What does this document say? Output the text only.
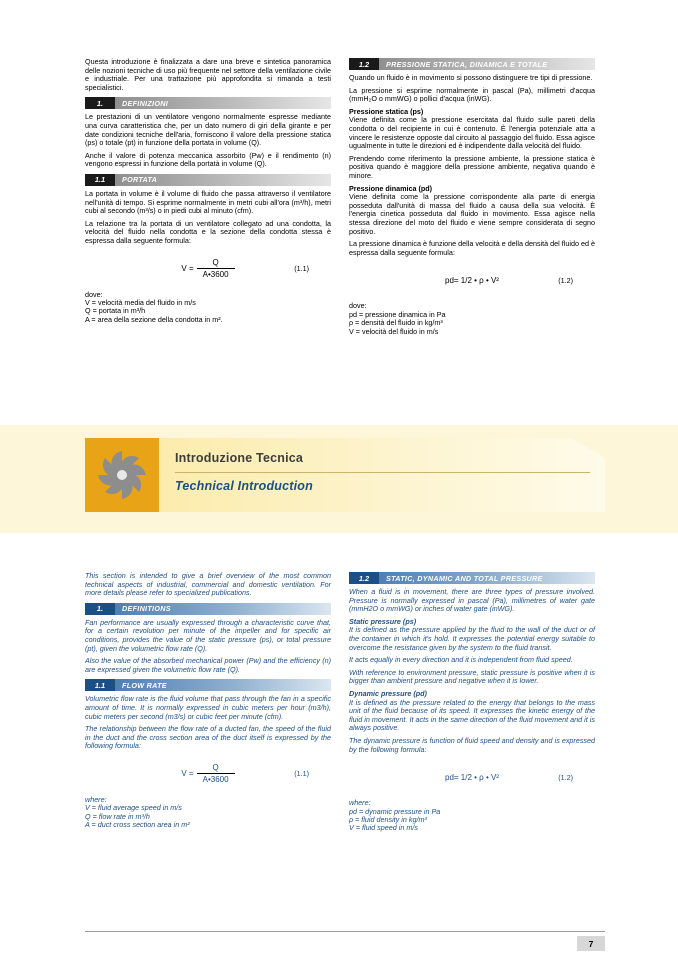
Questa introduzione è finalizzata a dare una breve e sintetica panoramica delle nozioni tecniche di uso più frequente nel settore della ventilazione civile e industriale. Per una trattazione più approfondita si rimanda a testi specialistici.

1.	DEFINIZIONI

Le prestazioni di un ventilatore vengono normalmente espresse mediante una curva caratteristica che, per un dato numero di giri della girante e per date condizioni tecniche dell'aria, forniscono il valore della pressione statica (ps) o totale (pt) in funzione della portata in volume (Q).

Anche il valore di potenza meccanica assorbito (Pw) e il rendimento (n) vengono espressi in funzione della portatà in volume (Q).

1.1	PORTATA

La portata in volume è il volume di fluido che passa attraverso il ventilatore nell'unità di tempo. Si esprime normalmente in metri cubi all'ora (m³/h), metri cubi al secondo (m³/s) o in piedi cubi al minuto (cfm).

La relazione tra la portata di un ventilatore collegato ad una condotta, la velocità del fluido nella condotta e la sezione della condotta stessa è espressa dalla seguente formula:

$V = \frac{Q}{A•3600}$	(1.1)
dove:
V = velocità media del fluido in m/s
Q = portata in m³/h
A = area della sezione della condotta in m².
1.2	PRESSIONE STATICA, DINAMICA E TOTALE

Quando un fluido è in movimento si possono distinguere tre tipi di pressione.

La pressione si esprime normalmente in pascal (Pa), millimetri d'acqua (mmH₂O o mmWG) o pollici d'acqua (inWG).

Pressione statica (ps)

Viene definita come la pressione esercitata dal fluido sulle pareti della condotta o del recipiente in cui è contenuto. È l'energia potenziale atta a vincere le resistenze opposte dal circuito al passaggio del fluido. Essa agisce ugualmente in tutte le direzioni ed è indipendente dalla velocità del fluido.

Prendendo come riferimento la pressione ambiente, la pressione statica è positiva quando è maggiore della pressione ambiente, negativa quando è minore.

Pressione dinamica (pd)

Viene definita come la pressione corrispondente alla parte di energia posseduta dall'unità di massa del fluido a causa della sua velocità. È l'energia cinetica posseduta dal fluido in movimento. Essa agisce nella stessa direzione del moto del fluido e viene sempre considerata di segno positivo.

La pressione dinamica è funzione della velocità e della densità del fluido ed è espressa dalla seguente formula:

pd= 1/2 • ρ • V²	(1.2)
dove:
pd = pressione dinamica in Pa
ρ = densità del fluido in kg/m³
V = velocità del fluido in m/s
Introduzione Tecnica
Technical Introduction

This section is intended to give a brief overview of the most common technical aspects of industrial, commercial and domestic ventilation. For more details please refer to specialized publications.

1.	DEFINITIONS

Fan performance are usually expressed through a characteristic curve that, for a certain revolution per minute of the impeller and for specific air conditions, provides the value of the static pressure (ps), or total pressure (pt), given the volumetric flow rate (Q).

Also the value of the absorbed mechanical power (Pw) and the efficiency (n) are expressed given the volumetric flow rate (Q).

1.1	FLOW RATE

Volumetric flow rate is the fluid volume that pass through the fan in a specific amount of time. It is normally expressed in cubic meters per hour (m3/h), cubic meters per second (m3/s) or cubic feet per minute (cfm).

The relationship between the flow rate of a ducted fan, the speed of the fluid in the duct and the cross section area of the duct itself is expressed by the following formula:

$V = \frac{Q}{A•3600}$	(1.1)
where:
V = fluid average speed in m/s
Q = flow rate in m³/h
A = duct cross section area in m²
1.2	STATIC, DYNAMIC AND TOTAL PRESSURE

When a fluid is in movement, there are three types of pressure involved. Pressure is normally expressed in pascal (Pa), millimetres of water gate (mmH2O o mmWG) or inches of water gate (inWG).

Static pressure (ps)

It is defined as the pressure applied by the fluid to the wall of the duct or of the container in which it's hold. It expresses the potential energy suitable to overcome the resistance given by the system to the fluid transit.

It acts equally in every direction and it is independent from fluid speed.

With reference to environment pressure, static pressure is positive when it is bigger than ambient pressure and negative when it is lower.

Dynamic pressure (pd)

It is defined as the pressure related to the energy that belongs to the mass unit of the fluid because of its speed. It expresses the kinetic energy of the fluid in movement. It acts in the same direction of the fluid movement and it is always positive.

The dynamic pressure is function of fluid speed and density and is expressed by the following formula:

pd= 1/2 • ρ • V²	(1.2)
where:
pd = dynamic pressure in Pa
ρ = fluid density in kg/m³
V = fluid speed in m/s
7
